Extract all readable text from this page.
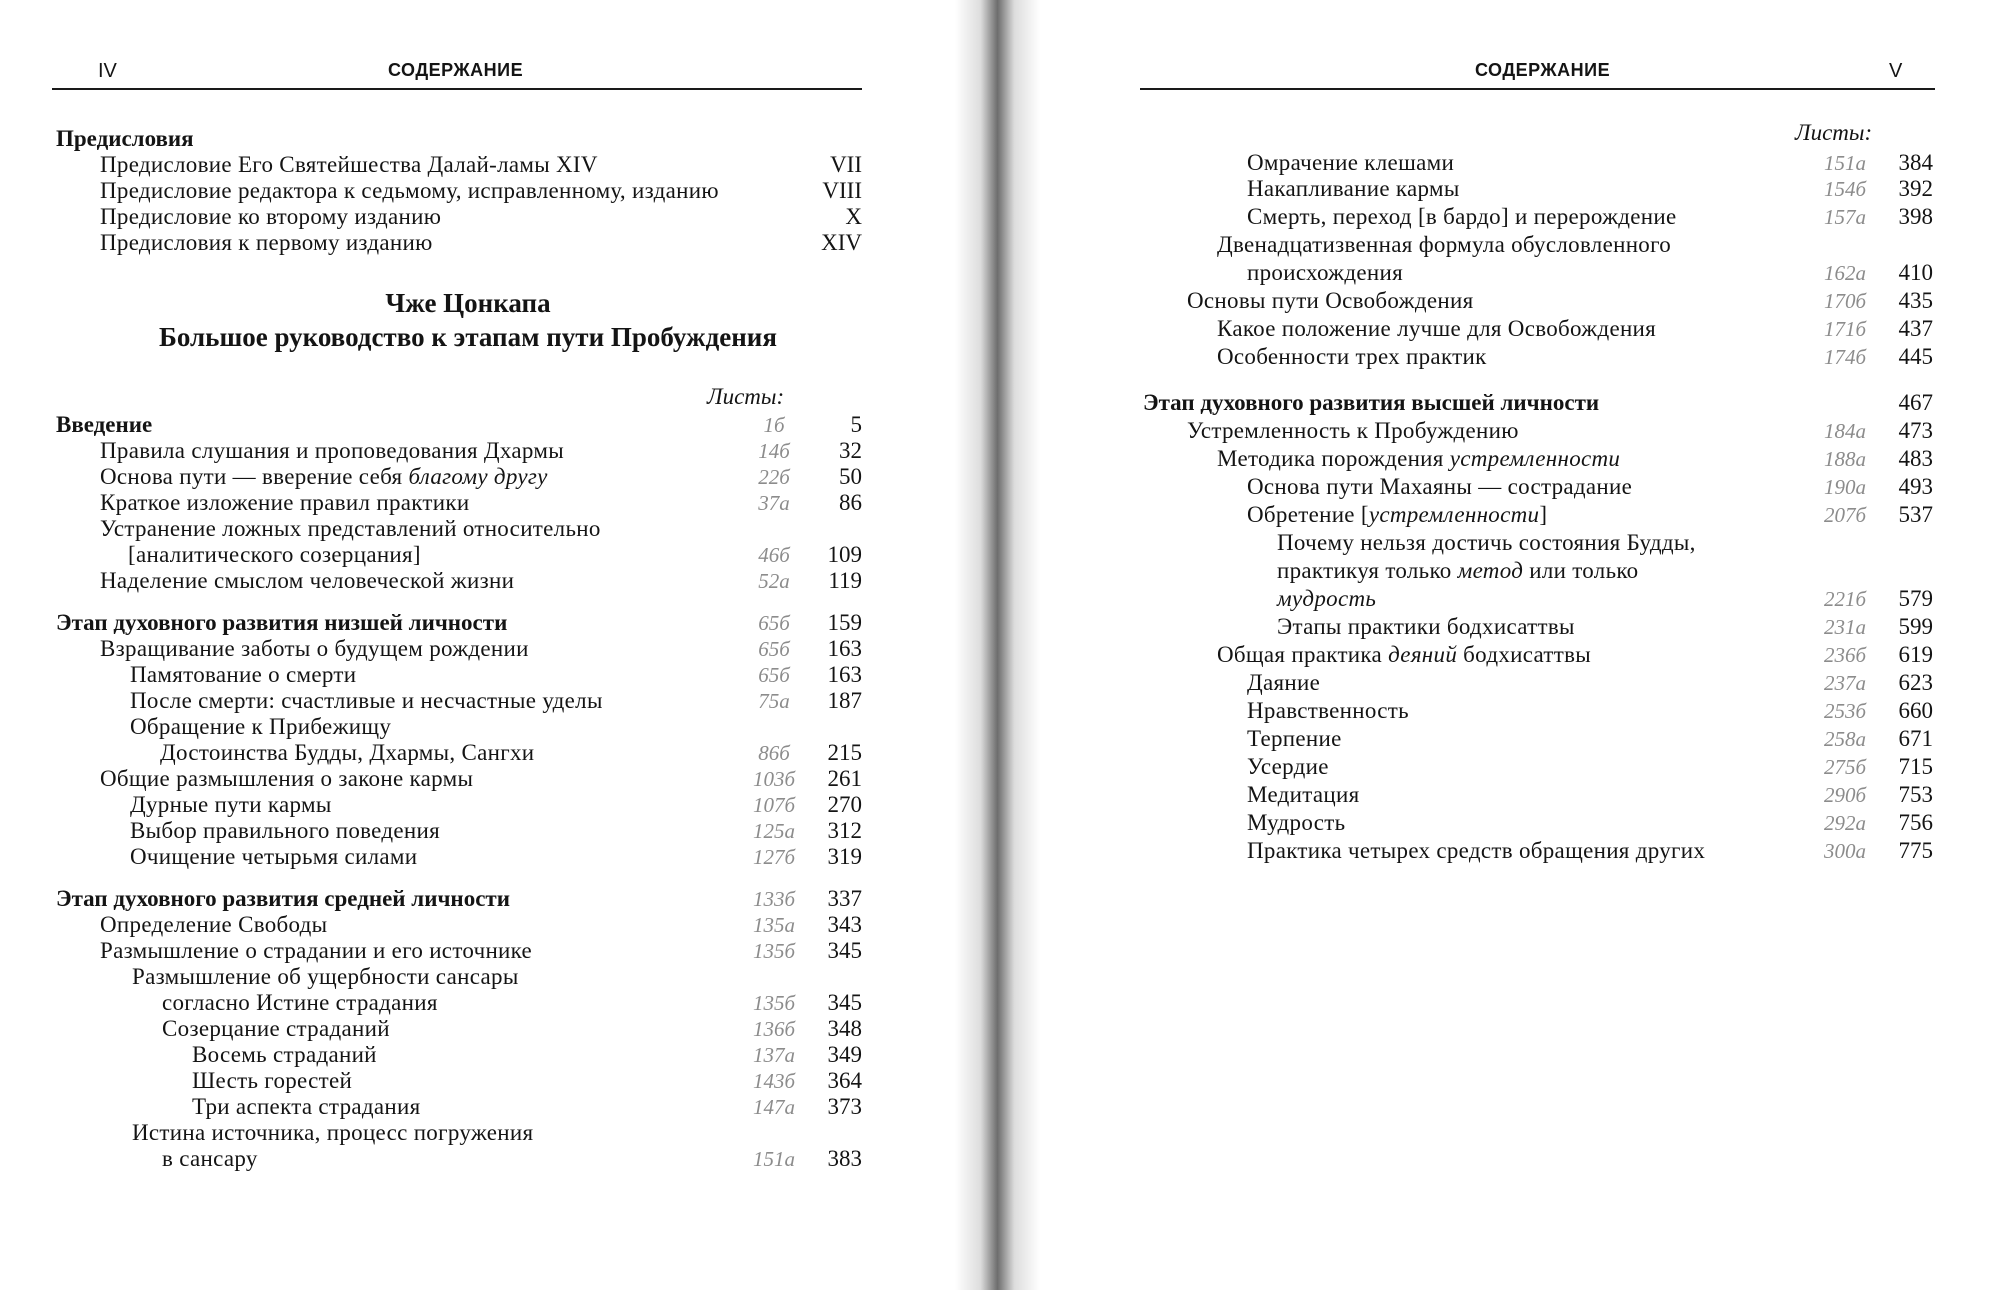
IV	СОДЕРЖАНИЕ
Предисловия
Предисловие Его Святейшества Далай-ламы XIV	VII
Предисловие редактора к седьмому, исправленному, изданию	VIII
Предисловие ко второму изданию	X
Предисловия к первому изданию	XIV
Чже Цонкапа
Большое руководство к этапам пути Пробуждения
Листы:
Введение	1б	5
Правила слушания и проповедования Дхармы	14б	32
Основа пути — вверение себя благому другу	22б	50
Краткое изложение правил практики	37а	86
Устранение ложных представлений относительно
[аналитического созерцания]	46б	109
Наделение смыслом человеческой жизни	52а	119
Этап духовного развития низшей личности	65б	159
Взращивание заботы о будущем рождении	65б	163
Памятование о смерти	65б	163
После смерти: счастливые и несчастные уделы	75а	187
Обращение к Прибежищу
Достоинства Будды, Дхармы, Сангхи	86б	215
Общие размышления о законе кармы	103б	261
Дурные пути кармы	107б	270
Выбор правильного поведения	125а	312
Очищение четырьмя силами	127б	319
Этап духовного развития средней личности	133б	337
Определение Свободы	135а	343
Размышление о страдании и его источнике	135б	345
Размышление об ущербности сансары
согласно Истине страдания	135б	345
Созерцание страданий	136б	348
Восемь страданий	137а	349
Шесть горестей	143б	364
Три аспекта страдания	147а	373
Истина источника, процесс погружения
в сансару	151а	383
СОДЕРЖАНИЕ	V
Листы:
Омрачение клешами	151а	384
Накапливание кармы	154б	392
Смерть, переход [в бардо] и перерождение	157а	398
Двенадцатизвенная формула обусловленного
происхождения	162а	410
Основы пути Освобождения	170б	435
Какое положение лучше для Освобождения	171б	437
Особенности трех практик	174б	445
Этап духовного развития высшей личности	467
Устремленность к Пробуждению	184а	473
Методика порождения устремленности	188а	483
Основа пути Махаяны — сострадание	190а	493
Обретение [устремленности]	207б	537
Почему нельзя достичь состояния Будды,
практикуя только метод или только
мудрость	221б	579
Этапы практики бодхисаттвы	231а	599
Общая практика деяний бодхисаттвы	236б	619
Даяние	237а	623
Нравственность	253б	660
Терпение	258а	671
Усердие	275б	715
Медитация	290б	753
Мудрость	292а	756
Практика четырех средств обращения других	300а	775
